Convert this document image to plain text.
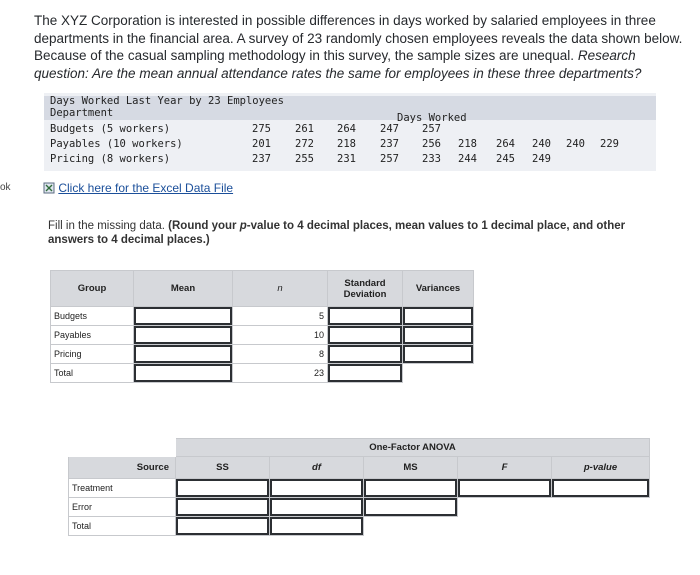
ok
The XYZ Corporation is interested in possible differences in days worked by salaried employees in three departments in the financial area. A survey of 23 randomly chosen employees reveals the data shown below. Because of the casual sampling methodology in this survey, the sample sizes are unequal. Research question: Are the mean annual attendance rates the same for employees in these three departments?
Days Worked Last Year by 23 Employees
Department	Days Worked
Budgets (5 workers)	275 261 264 247 257
Payables (10 workers)	201 272 218 237 256 218 264 240 240 229
Pricing (8 workers)	237 255 231 257 233 244 245 249
Click here for the Excel Data File
Fill in the missing data. (Round your p-value to 4 decimal places, mean values to 1 decimal place, and other answers to 4 decimal places.)
Group	Mean	n	Standard Deviation	Variances
Budgets		5	

Payables		10	

Pricing		8	

Total		23	

	One-Factor ANOVA				
Source	SS	df	MS	F	p-value
Treatment	

Error	

Total	
